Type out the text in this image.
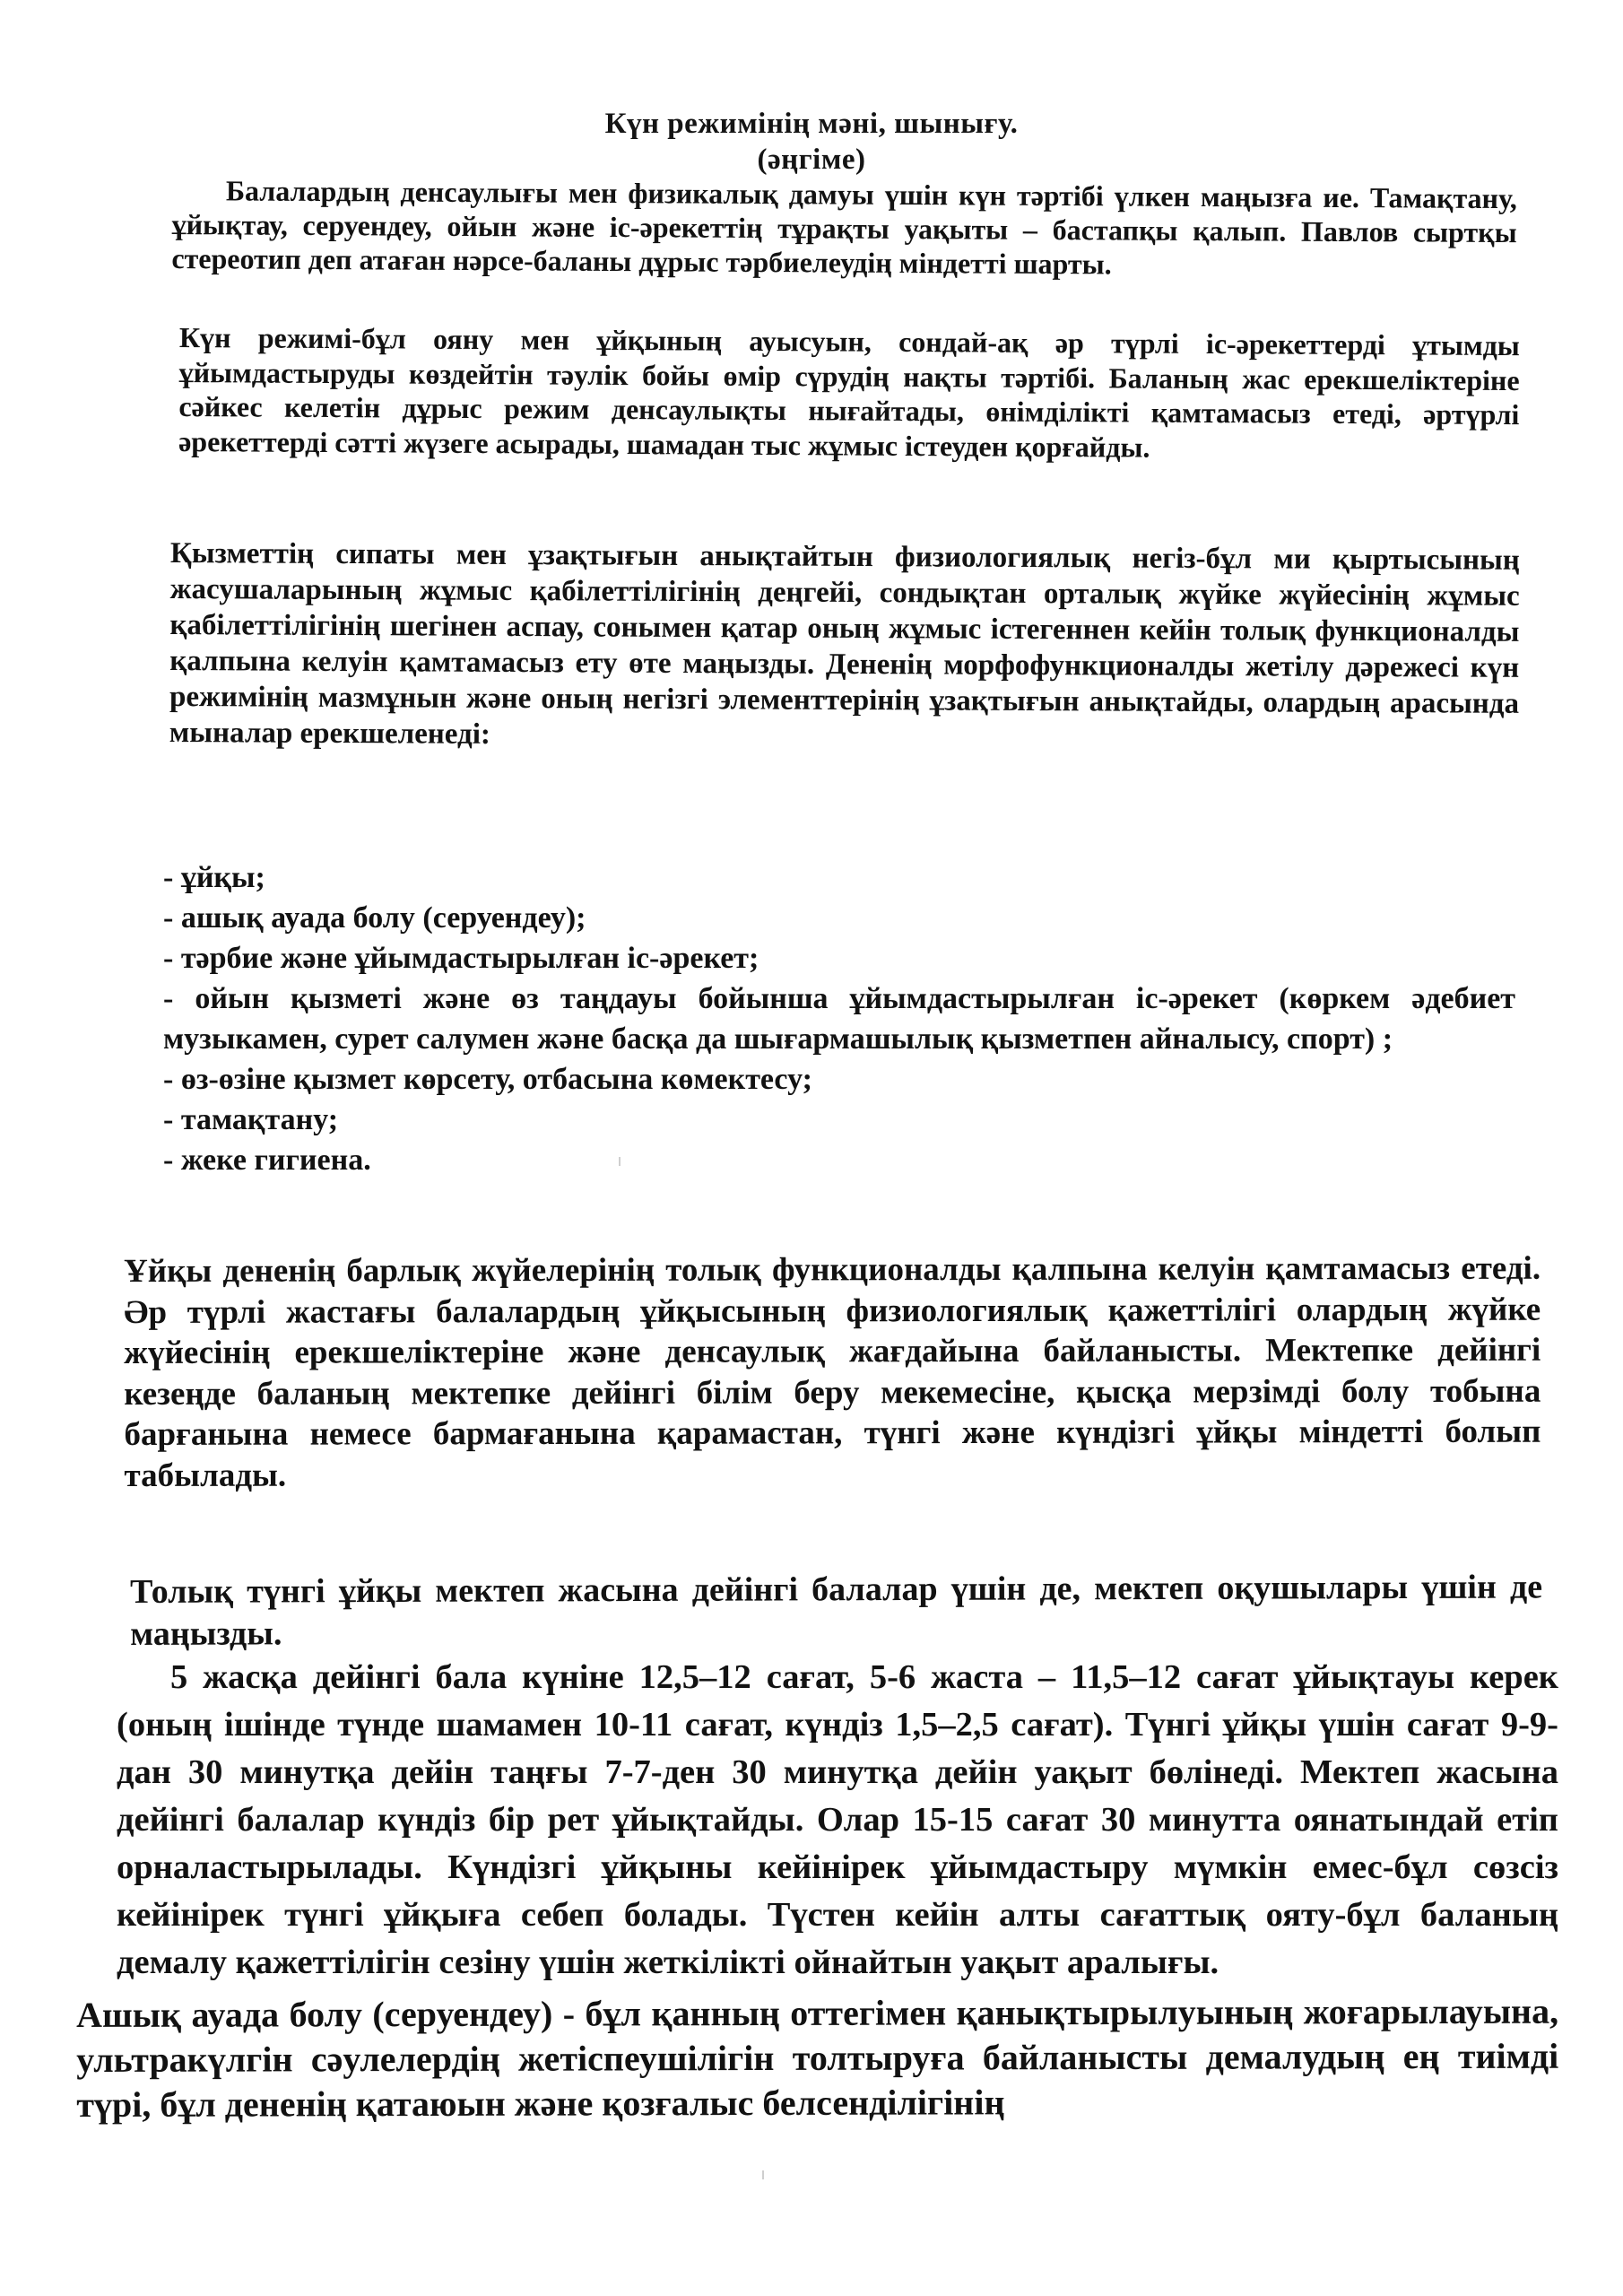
Күн режимінің мәні, шынығу.
(әңгіме)

Балалардың денсаулығы мен физикалық дамуы үшін күн тәртібі үлкен маңызға ие. Тамақтану, ұйықтау, серуендеу, ойын және іс-әрекеттің тұрақты уақыты – бастапқы қалып. Павлов сыртқы стереотип деп атаған нәрсе-баланы дұрыс тәрбиелеудің міндетті шарты.

Күн режимі-бұл ояну мен ұйқының ауысуын, сондай-ақ әр түрлі іс-әрекеттерді ұтымды ұйымдастыруды көздейтін тәулік бойы өмір сүрудің нақты тәртібі. Баланың жас ерекшеліктеріне сәйкес келетін дұрыс режим денсаулықты нығайтады, өнімділікті қамтамасыз етеді, әртүрлі әрекеттерді сәтті жүзеге асырады, шамадан тыс жұмыс істеуден қорғайды.

Қызметтің сипаты мен ұзақтығын анықтайтын физиологиялық негіз-бұл ми қыртысының жасушаларының жұмыс қабілеттілігінің деңгейі, сондықтан орталық жүйке жүйесінің жұмыс қабілеттілігінің шегінен аспау, сонымен қатар оның жұмыс істегеннен кейін толық функционалды қалпына келуін қамтамасыз ету өте маңызды. Дененің морфофункционалды жетілу дәрежесі күн режимінің мазмұнын және оның негізгі элементтерінің ұзақтығын анықтайды, олардың арасында мыналар ерекшеленеді:

- ұйқы;
- ашық ауада болу (серуендеу);
- тәрбие және ұйымдастырылған іс-әрекет;
- ойын қызметі және өз таңдауы бойынша ұйымдастырылған іс-әрекет (көркем әдебиет музыкамен, сурет салумен және басқа да шығармашылық қызметпен айналысу, спорт) ;
- өз-өзіне қызмет көрсету, отбасына көмектесу;
- тамақтану;
- жеке гигиена.

Ұйқы дененің барлық жүйелерінің толық функционалды қалпына келуін қамтамасыз етеді. Әр түрлі жастағы балалардың ұйқысының физиологиялық қажеттілігі олардың жүйке жүйесінің ерекшеліктеріне және денсаулық жағдайына байланысты. Мектепке дейінгі кезеңде баланың мектепке дейінгі білім беру мекемесіне, қысқа мерзімді болу тобына барғанына немесе бармағанына қарамастан, түнгі және күндізгі ұйқы міндетті болып табылады.

Толық түнгі ұйқы мектеп жасына дейінгі балалар үшін де, мектеп оқушылары үшін де маңызды.

5 жасқа дейінгі бала күніне 12,5–12 сағат, 5-6 жаста – 11,5–12 сағат ұйықтауы керек (оның ішінде түнде шамамен 10-11 сағат, күндіз 1,5–2,5 сағат). Түнгі ұйқы үшін сағат 9-9-дан 30 минутқа дейін таңғы 7-7-ден 30 минутқа дейін уақыт бөлінеді. Мектеп жасына дейінгі балалар күндіз бір рет ұйықтайды. Олар 15-15 сағат 30 минутта оянатындай етіп орналастырылады. Күндізгі ұйқыны кейінірек ұйымдастыру мүмкін емес-бұл сөзсіз кейінірек түнгі ұйқыға себеп болады. Түстен кейін алты сағаттық ояту-бұл баланың демалу қажеттілігін сезіну үшін жеткілікті ойнайтын уақыт аралығы.

Ашық ауада болу (серуендеу) - бұл қанның оттегімен қанықтырылуының жоғарылауына, ультракүлгін сәулелердің жетіспеушілігін толтыруға байланысты демалудың ең тиімді түрі, бұл дененің қатаюын және қозғалыс белсенділігінің
